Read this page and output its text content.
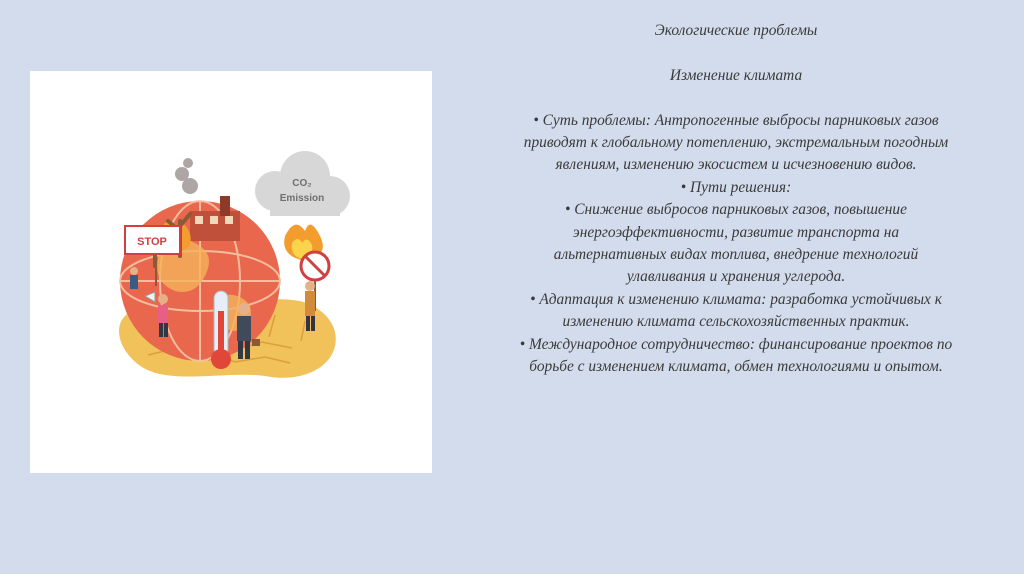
CO₂
Emission
STOP

Экологические проблемы

Изменение климата

• Суть проблемы: Антропогенные выбросы парниковых газов

приводят к глобальному потеплению, экстремальным погодным

явлениям, изменению экосистем и исчезновению видов.

• Пути решения:

• Снижение выбросов парниковых газов, повышение

энергоэффективности, развитие транспорта на

альтернативных видах топлива, внедрение технологий

улавливания и хранения углерода.

• Адаптация к изменению климата: разработка устойчивых к

изменению климата сельскохозяйственных практик.

• Международное сотрудничество: финансирование проектов по

борьбе с изменением климата, обмен технологиями и опытом.
